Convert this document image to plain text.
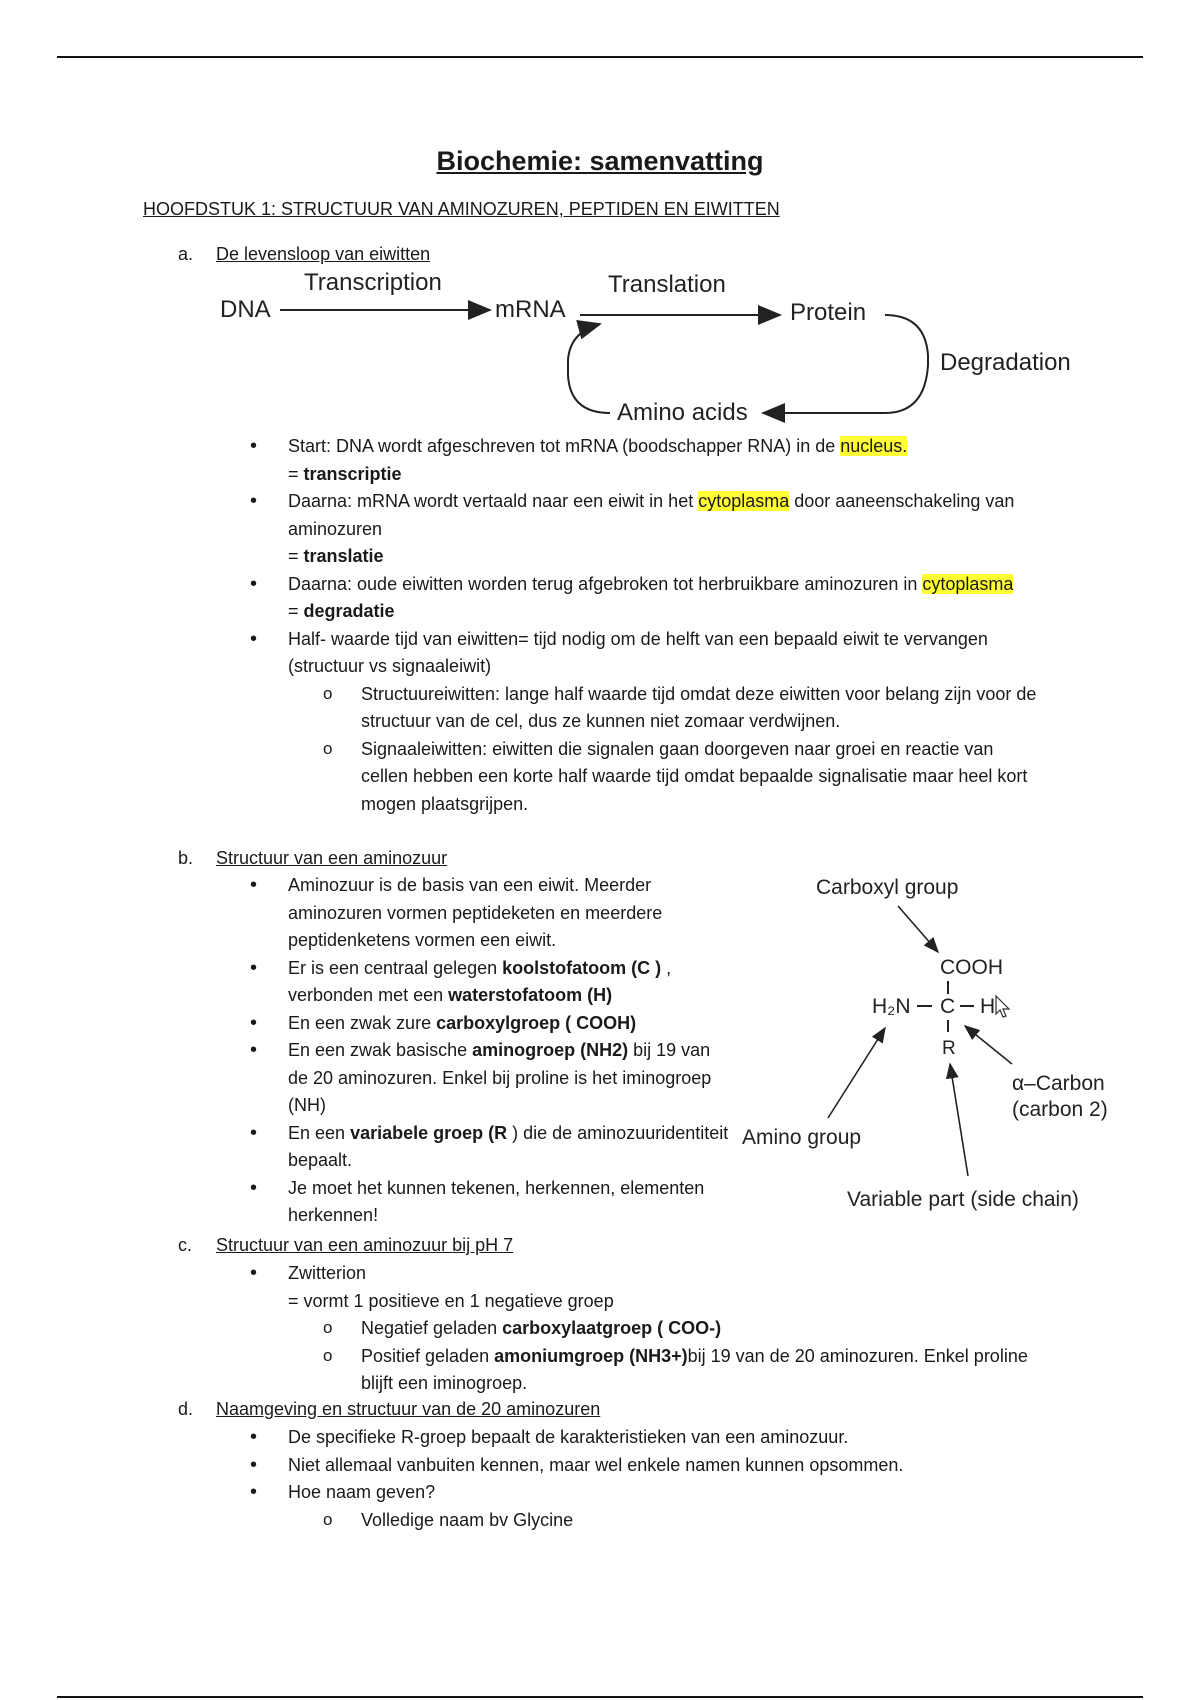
Biochemie: samenvatting
HOOFDSTUK 1: STRUCTUUR VAN AMINOZUREN, PEPTIDEN EN EIWITTEN
a.	De levensloop van eiwitten
DNA
Transcription
mRNA
Translation
Protein
Degradation
Amino acids
• Start: DNA wordt afgeschreven tot mRNA (boodschapper RNA) in de nucleus.
= transcriptie
• Daarna: mRNA wordt vertaald naar een eiwit in het cytoplasma door aaneenschakeling van aminozuren
= translatie
• Daarna: oude eiwitten worden terug afgebroken tot herbruikbare aminozuren in cytoplasma
= degradatie
• Half- waarde tijd van eiwitten= tijd nodig om de helft van een bepaald eiwit te vervangen (structuur vs signaaleiwit)
o Structuureiwitten: lange half waarde tijd omdat deze eiwitten voor belang zijn voor de structuur van de cel, dus ze kunnen niet zomaar verdwijnen.
o Signaaleiwitten: eiwitten die signalen gaan doorgeven naar groei en reactie van cellen hebben een korte half waarde tijd omdat bepaalde signalisatie maar heel kort mogen plaatsgrijpen.
b.	Structuur van een aminozuur
• Aminozuur is de basis van een eiwit. Meerder aminozuren vormen peptideketen en meerdere peptidenketens vormen een eiwit.
• Er is een centraal gelegen koolstofatoom (C ) , verbonden met een waterstofatoom (H)
• En een zwak zure carboxylgroep ( COOH)
• En een zwak basische aminogroep (NH2) bij 19 van de 20 aminozuren. Enkel bij proline is het iminogroep (NH)
• En een variabele groep (R ) die de aminozuuridentiteit bepaalt.
• Je moet het kunnen tekenen, herkennen, elementen herkennen!
Carboxyl group
COOH
H₂N C H
R
α–Carbon
(carbon 2)
Amino group
Variable part (side chain)
c.	Structuur van een aminozuur bij pH 7
• Zwitterion
= vormt 1 positieve en 1 negatieve groep
o Negatief geladen carboxylaatgroep ( COO-)
o Positief geladen amoniumgroep (NH3+)bij 19 van de 20 aminozuren. Enkel proline blijft een iminogroep.
d.	Naamgeving en structuur van de 20 aminozuren
• De specifieke R-groep bepaalt de karakteristieken van een aminozuur.
• Niet allemaal vanbuiten kennen, maar wel enkele namen kunnen opsommen.
• Hoe naam geven?
o Volledige naam bv Glycine
